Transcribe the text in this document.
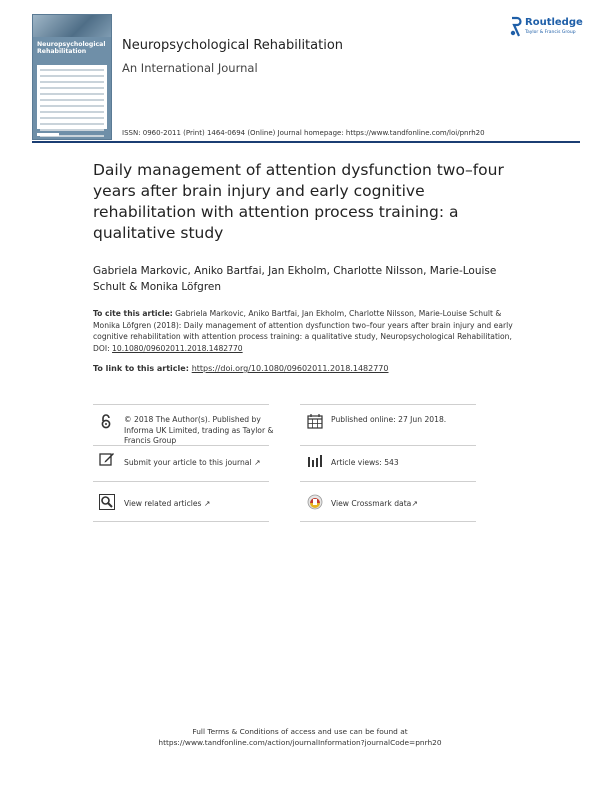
Neuropsychological Rehabilitation	Neuropsychological Rehabilitation
An International Journal
Routledge
Taylor & Francis Group
ISSN: 0960-2011 (Print) 1464-0694 (Online) Journal homepage: https://www.tandfonline.com/loi/pnrh20
Daily management of attention dysfunction two–four years after brain injury and early cognitive rehabilitation with attention process training: a qualitative study
Gabriela Markovic, Aniko Bartfai, Jan Ekholm, Charlotte Nilsson, Marie-Louise Schult & Monika Löfgren
To cite this article: Gabriela Markovic, Aniko Bartfai, Jan Ekholm, Charlotte Nilsson, Marie-Louise Schult & Monika Löfgren (2018): Daily management of attention dysfunction two–four years after brain injury and early cognitive rehabilitation with attention process training: a qualitative study, Neuropsychological Rehabilitation, DOI: 10.1080/09602011.2018.1482770
To link to this article: https://doi.org/10.1080/09602011.2018.1482770
© 2018 The Author(s). Published by Informa UK Limited, trading as Taylor & Francis Group
Published online: 27 Jun 2018.
Submit your article to this journal ↗	Article views: 543
View related articles ↗	View Crossmark data↗
Full Terms & Conditions of access and use can be found at
https://www.tandfonline.com/action/journalInformation?journalCode=pnrh20
